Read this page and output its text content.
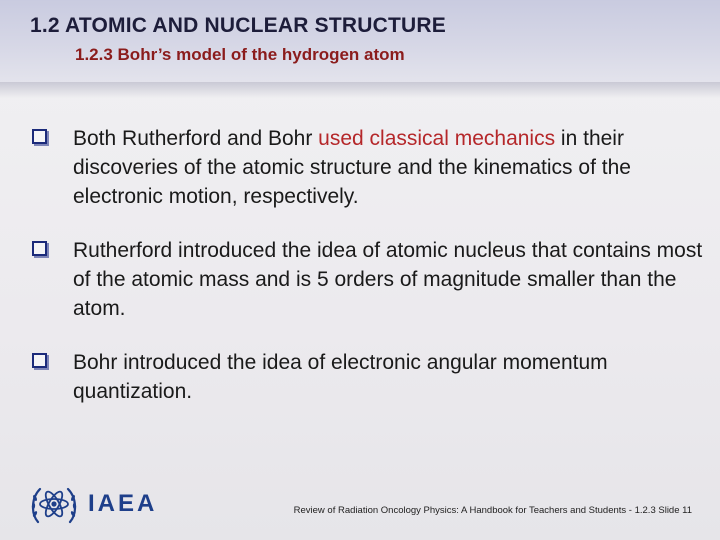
1.2 ATOMIC AND NUCLEAR STRUCTURE
1.2.3 Bohr’s model of the hydrogen atom
Both Rutherford and Bohr used classical mechanics in their discoveries of the atomic structure and the kinematics of the electronic motion, respectively.
Rutherford introduced the idea of atomic nucleus that contains most of the atomic mass and is 5 orders of magnitude smaller than the atom.
Bohr introduced the idea of electronic angular momentum quantization.
IAEA	Review of Radiation Oncology Physics: A Handbook for Teachers and Students - 1.2.3 Slide 11
